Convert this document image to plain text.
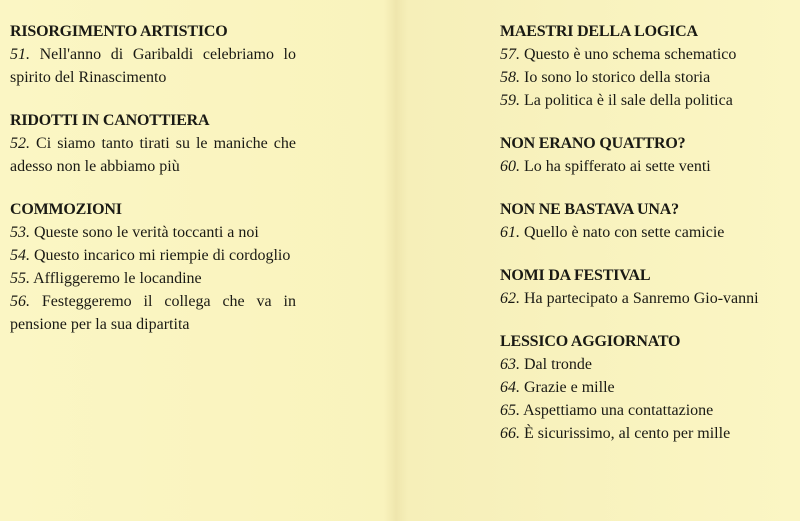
RISORGIMENTO ARTISTICO
51. Nell'anno di Garibaldi celebriamo lo spirito del Rinascimento
RIDOTTI IN CANOTTIERA
52. Ci siamo tanto tirati su le maniche che adesso non le abbiamo più
COMMOZIONI
53. Queste sono le verità toccanti a noi
54. Questo incarico mi riempie di cordoglio
55. Affliggeremo le locandine
56. Festeggeremo il collega che va in pensione per la sua dipartita
MAESTRI DELLA LOGICA
57. Questo è uno schema schematico
58. Io sono lo storico della storia
59. La politica è il sale della politica
NON ERANO QUATTRO?
60. Lo ha spifferato ai sette venti
NON NE BASTAVA UNA?
61. Quello è nato con sette camicie
NOMI DA FESTIVAL
62. Ha partecipato a Sanremo Gio-vanni
LESSICO AGGIORNATO
63. Dal tronde
64. Grazie e mille
65. Aspettiamo una contattazione
66. È sicurissimo, al cento per mille
